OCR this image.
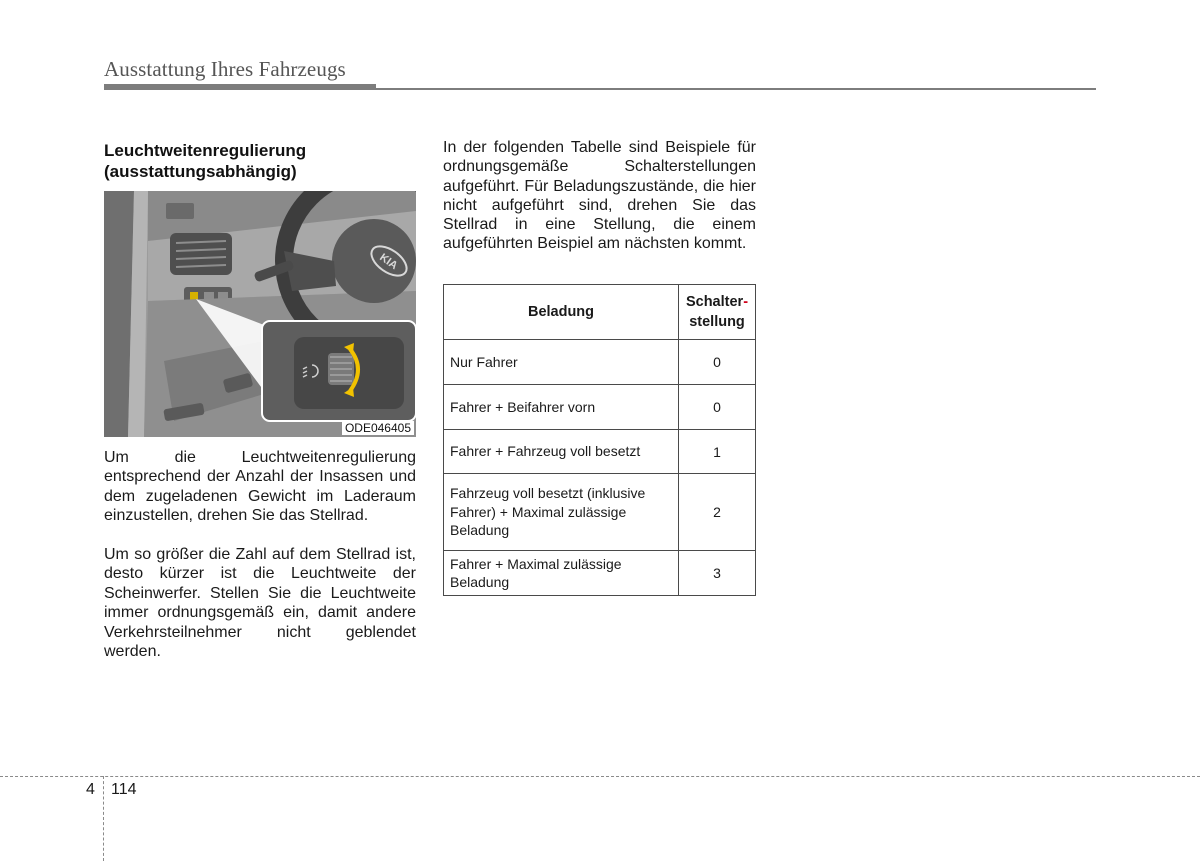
Ausstattung Ihres Fahrzeugs
Leuchtweitenregulierung
(ausstattungsabhängig)
KIA
ODE046405
Um die Leuchtweitenregulierung entsprechend der Anzahl der Insassen und dem zugeladenen Gewicht im Laderaum einzustellen, drehen Sie das Stellrad.
Um so größer die Zahl auf dem Stellrad ist, desto kürzer ist die Leuchtweite der Scheinwerfer. Stellen Sie die Leuchtweite immer ordnungsgemäß ein, damit andere Verkehrsteilnehmer nicht geblendet werden.
In der folgenden Tabelle sind Beispiele für ordnungsgemäße Schalterstellungen aufgeführt. Für Beladungszustände, die hier nicht aufgeführt sind, drehen Sie das Stellrad in eine Stellung, die einem aufgeführten Beispiel am nächsten kommt.
Beladung	Schalter-
stellung
Nur Fahrer	0
Fahrer + Beifahrer vorn	0
Fahrer + Fahrzeug voll besetzt	1
Fahrzeug voll besetzt (inklusive Fahrer) + Maximal zulässige Beladung	2
Fahrer + Maximal zulässige Beladung	3
4 114
